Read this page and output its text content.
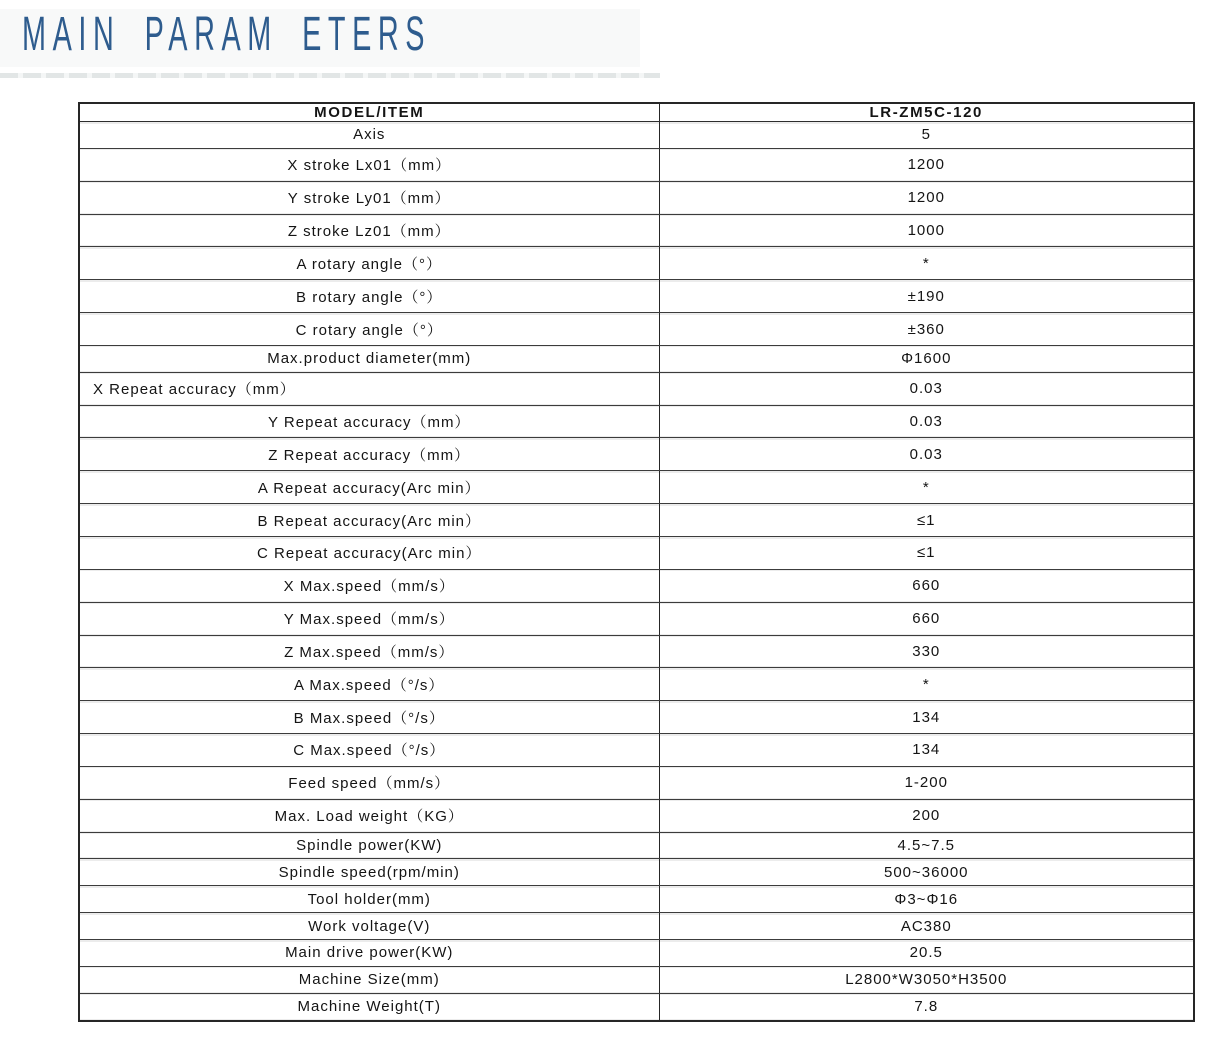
MAIN PARAM ETERS
MODEL/ITEM	LR-ZM5C-120
Axis	5
X stroke Lx01（mm）	1200
Y stroke Ly01（mm）	1200
Z stroke Lz01（mm）	1000
A rotary angle（°）	*
B rotary angle（°）	±190
C rotary angle（°）	±360
Max.product diameter(mm)	Φ1600
X Repeat accuracy（mm）	0.03
Y Repeat accuracy（mm）	0.03
Z Repeat accuracy（mm）	0.03
A Repeat accuracy(Arc min）	*
B Repeat accuracy(Arc min）	≤1
C Repeat accuracy(Arc min）	≤1
X Max.speed（mm/s）	660
Y Max.speed（mm/s）	660
Z Max.speed（mm/s）	330
A Max.speed（°/s）	*
B Max.speed（°/s）	134
C Max.speed（°/s）	134
Feed speed（mm/s）	1-200
Max. Load weight（KG）	200
Spindle power(KW)	4.5~7.5
Spindle speed(rpm/min)	500~36000
Tool holder(mm)	Φ3~Φ16
Work voltage(V)	AC380
Main drive power(KW)	20.5
Machine Size(mm)	L2800*W3050*H3500
Machine Weight(T)	7.8
